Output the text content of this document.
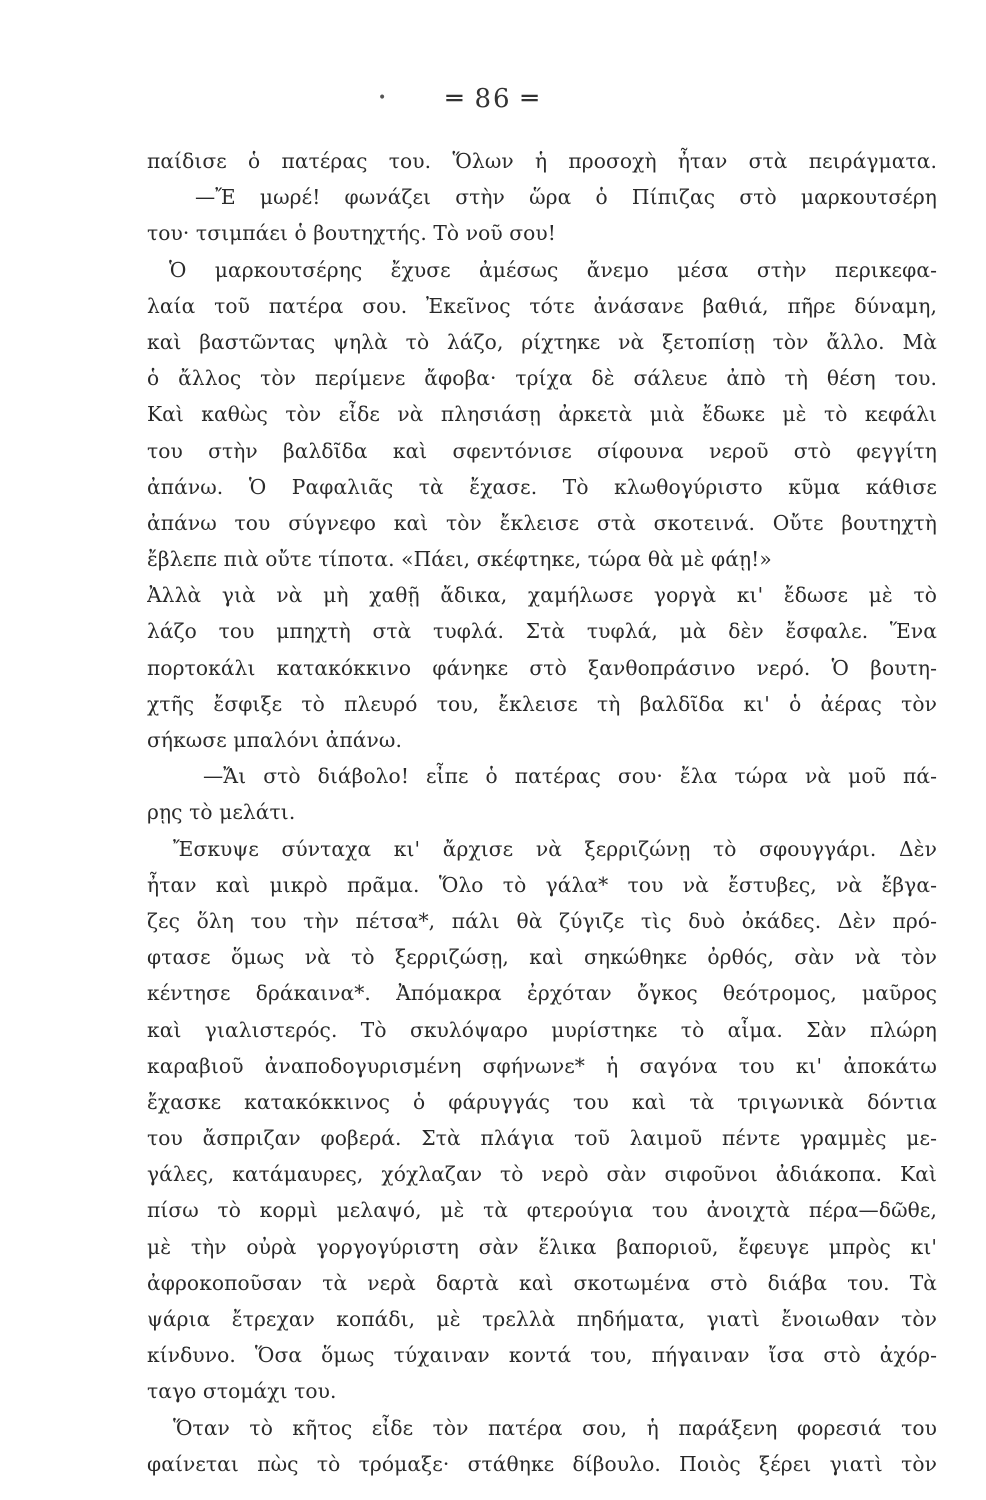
•	═ 86 ═
παίδισε ὁ πατέρας του. Ὅλων ἡ προσοχὴ ἦταν στὰ πειράγματα.
—Ἔ μωρέ! φωνάζει στὴν ὥρα ὁ Πίπιζας στὸ μαρκουτσέρη
του· τσιμπάει ὁ βουτηχτής. Τὸ νοῦ σου!
Ὁ μαρκουτσέρης ἔχυσε ἀμέσως ἄνεμο μέσα στὴν περικεφα-
λαία τοῦ πατέρα σου. Ἐκεῖνος τότε ἀνάσανε βαθιά, πῆρε δύναμη,
καὶ βαστῶντας ψηλὰ τὸ λάζο, ρίχτηκε νὰ ξετοπίσῃ τὸν ἄλλο. Μὰ
ὁ ἄλλος τὸν περίμενε ἄφοβα· τρίχα δὲ σάλευε ἀπὸ τὴ θέση του.
Καὶ καθὼς τὸν εἶδε νὰ πλησιάσῃ ἀρκετὰ μιὰ ἔδωκε μὲ τὸ κεφάλι
του στὴν βαλδῖδα καὶ σφεντόνισε σίφουνα νεροῦ στὸ φεγγίτη
ἀπάνω. Ὁ Ραφαλιᾶς τὰ ἔχασε. Τὸ κλωθογύριστο κῦμα κάθισε
ἀπάνω του σύγνεφο καὶ τὸν ἔκλεισε στὰ σκοτεινά. Οὔτε βουτηχτὴ
ἔβλεπε πιὰ οὔτε τίποτα. «Πάει, σκέφτηκε, τώρα θὰ μὲ φάῃ!»
Ἀλλὰ γιὰ νὰ μὴ χαθῇ ἄδικα, χαμήλωσε γοργὰ κι' ἔδωσε μὲ τὸ
λάζο του μπηχτὴ στὰ τυφλά. Στὰ τυφλά, μὰ δὲν ἔσφαλε. Ἕνα
πορτοκάλι κατακόκκινο φάνηκε στὸ ξανθοπράσινο νερό. Ὁ βουτη-
χτῆς ἔσφιξε τὸ πλευρό του, ἔκλεισε τὴ βαλδῖδα κι' ὁ ἀέρας τὸν
σήκωσε μπαλόνι ἀπάνω.
—Ἄι στὸ διάβολο! εἶπε ὁ πατέρας σου· ἔλα τώρα νὰ μοῦ πά-
ρῃς τὸ μελάτι.
Ἔσκυψε σύνταχα κι' ἄρχισε νὰ ξερριζώνῃ τὸ σφουγγάρι. Δὲν
ἦταν καὶ μικρὸ πρᾶμα. Ὅλο τὸ γάλα* του νὰ ἔστυβες, νὰ ἔβγα-
ζες ὅλη του τὴν πέτσα*, πάλι θὰ ζύγιζε τὶς δυὸ ὀκάδες. Δὲν πρό-
φτασε ὅμως νὰ τὸ ξερριζώσῃ, καὶ σηκώθηκε ὀρθός, σὰν νὰ τὸν
κέντησε δράκαινα*. Ἀπόμακρα ἐρχόταν ὄγκος θεότρομος, μαῦρος
καὶ γιαλιστερός. Τὸ σκυλόψαρο μυρίστηκε τὸ αἷμα. Σὰν πλώρη
καραβιοῦ ἀναποδογυρισμένη σφήνωνε* ἡ σαγόνα του κι' ἀποκάτω
ἔχασκε κατακόκκινος ὁ φάρυγγάς του καὶ τὰ τριγωνικὰ δόντια
του ἄσπριζαν φοβερά. Στὰ πλάγια τοῦ λαιμοῦ πέντε γραμμὲς με-
γάλες, κατάμαυρες, χόχλαζαν τὸ νερὸ σὰν σιφοῦνοι ἀδιάκοπα. Καὶ
πίσω τὸ κορμὶ μελαψό, μὲ τὰ φτερούγια του ἀνοιχτὰ πέρα—δῶθε,
μὲ τὴν οὐρὰ γοργογύριστη σὰν ἕλικα βαποριοῦ, ἔφευγε μπρὸς κι'
ἀφροκοποῦσαν τὰ νερὰ δαρτὰ καὶ σκοτωμένα στὸ διάβα του. Τὰ
ψάρια ἔτρεχαν κοπάδι, μὲ τρελλὰ πηδήματα, γιατὶ ἔνοιωθαν τὸν
κίνδυνο. Ὅσα ὅμως τύχαιναν κοντά του, πήγαιναν ἴσα στὸ ἀχόρ-
ταγο στομάχι του.
Ὅταν τὸ κῆτος εἶδε τὸν πατέρα σου, ἡ παράξενη φορεσιά του
φαίνεται πὼς τὸ τρόμαξε· στάθηκε δίβουλο. Ποιὸς ξέρει γιατὶ τὸν
